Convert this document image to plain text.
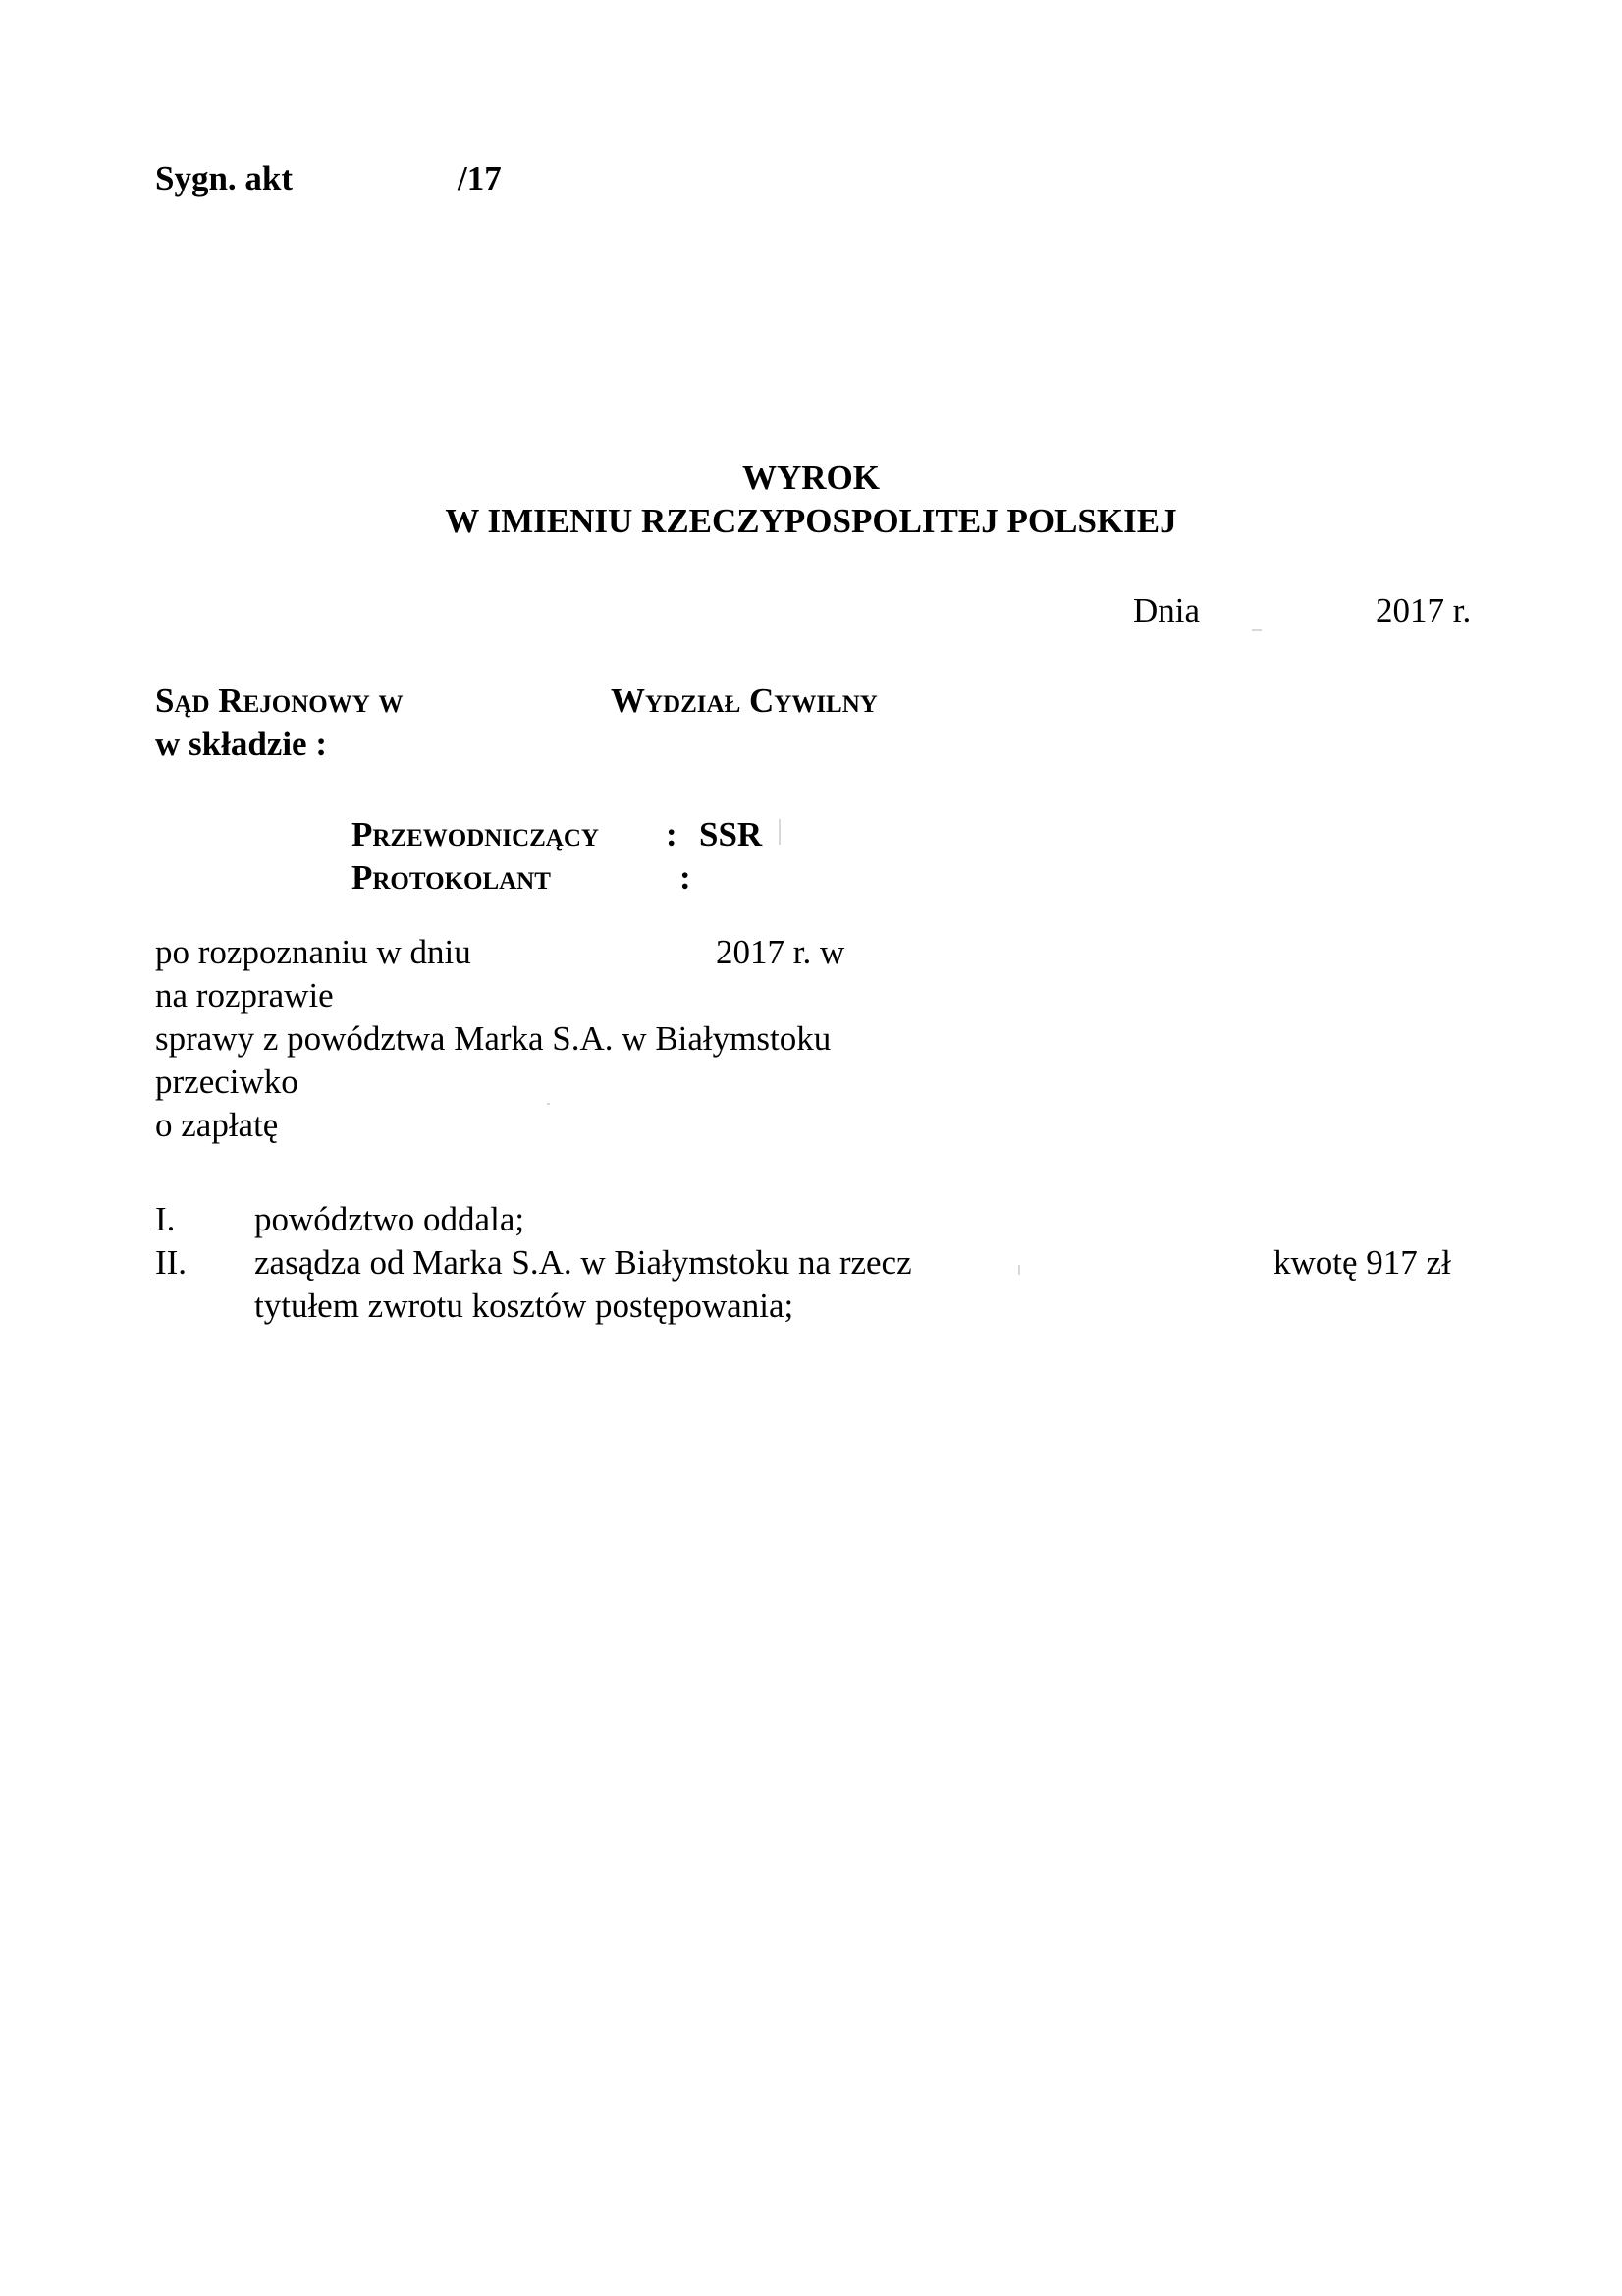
Sygn. akt	/17
WYROK
W IMIENIU RZECZYPOSPOLITEJ POLSKIEJ
Dnia	2017 r.
Sąd Rejonowy w	Wydział Cywilny
w składzie :
Przewodniczący : SSR
Protokolant	:
po rozpoznaniu w dniu	2017 r. w
na rozprawie
sprawy z powództwa Marka S.A. w Białymstoku
przeciwko
o zapłatę
I. powództwo oddala;
II. zasądza od Marka S.A. w Białymstoku na rzecz	kwotę 917 zł
tytułem zwrotu kosztów postępowania;
